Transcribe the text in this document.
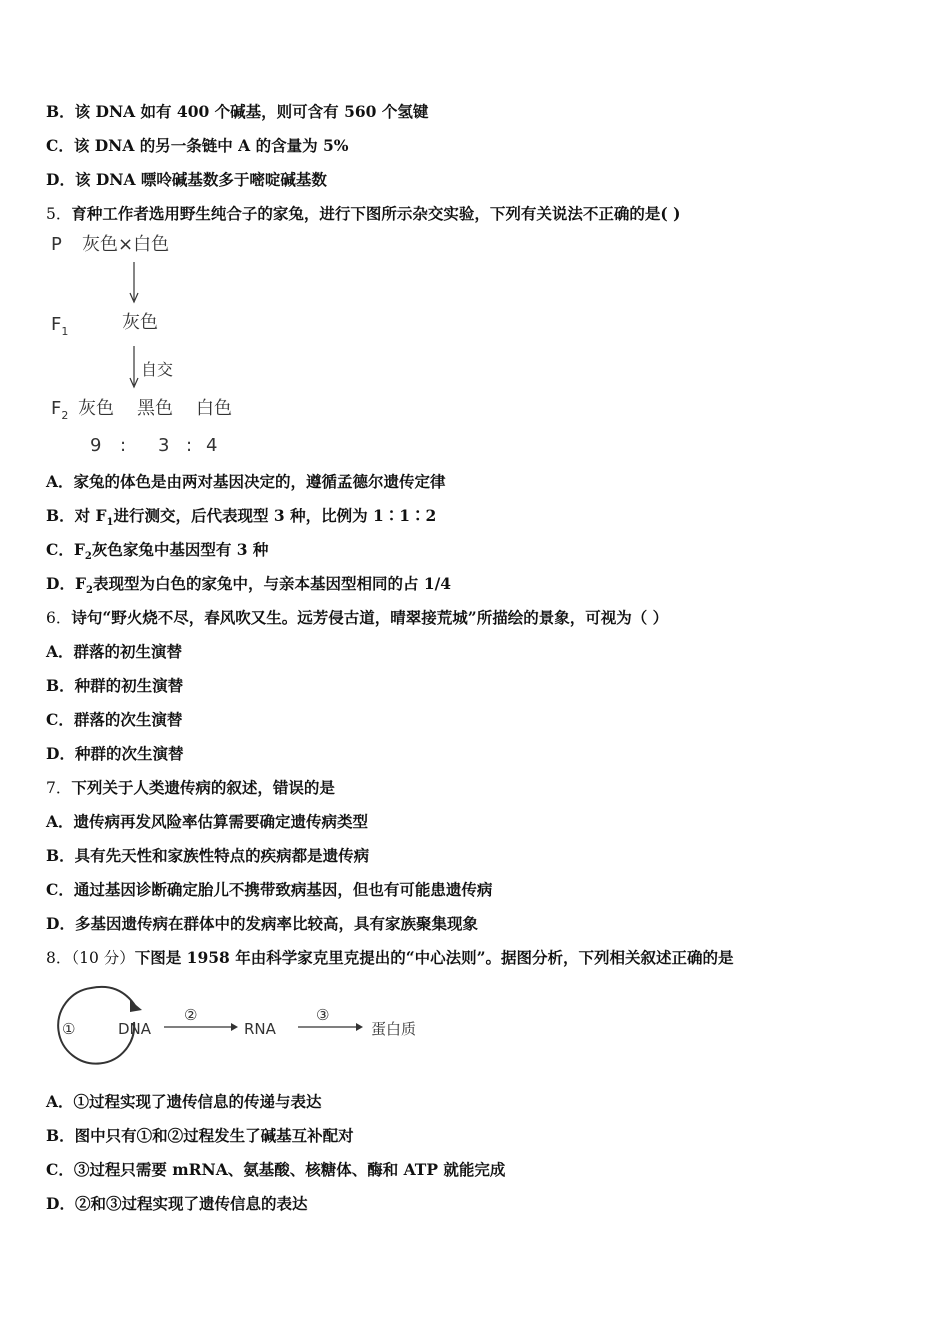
B．该 DNA 如有 400 个碱基，则可含有 560 个氢键
C．该 DNA 的另一条链中 A 的含量为 5%
D．该 DNA 嘌呤碱基数多于嘧啶碱基数
5．育种工作者选用野生纯合子的家兔，进行下图所示杂交实验，下列有关说法不正确的是( )
P 灰色×白色
$F_1$	灰色
自交
$F_2$ 灰色 黑色 白色
9 : 3 : 4
A．家兔的体色是由两对基因决定的，遵循孟德尔遗传定律
B．对 $F_1$进行测交，后代表现型 3 种，比例为 1∶1∶2
C．$F_2$灰色家兔中基因型有 3 种
D．$F_2$表现型为白色的家兔中，与亲本基因型相同的占 1/4
6．诗句“野火烧不尽，春风吹又生。远芳侵古道，晴翠接荒城”所描绘的景象，可视为（ ）
A．群落的初生演替
B．种群的初生演替
C．群落的次生演替
D．种群的次生演替
7．下列关于人类遗传病的叙述，错误的是
A．遗传病再发风险率估算需要确定遗传病类型
B．具有先天性和家族性特点的疾病都是遗传病
C．通过基因诊断确定胎儿不携带致病基因，但也有可能患遗传病
D．多基因遗传病在群体中的发病率比较高，具有家族聚集现象
8．（10 分）下图是 1958 年由科学家克里克提出的“中心法则”。据图分析，下列相关叙述正确的是
①	DNA
②
RNA
③
蛋白质
A．①过程实现了遗传信息的传递与表达
B．图中只有①和②过程发生了碱基互补配对
C．③过程只需要 mRNA、氨基酸、核糖体、酶和 ATP 就能完成
D．②和③过程实现了遗传信息的表达
